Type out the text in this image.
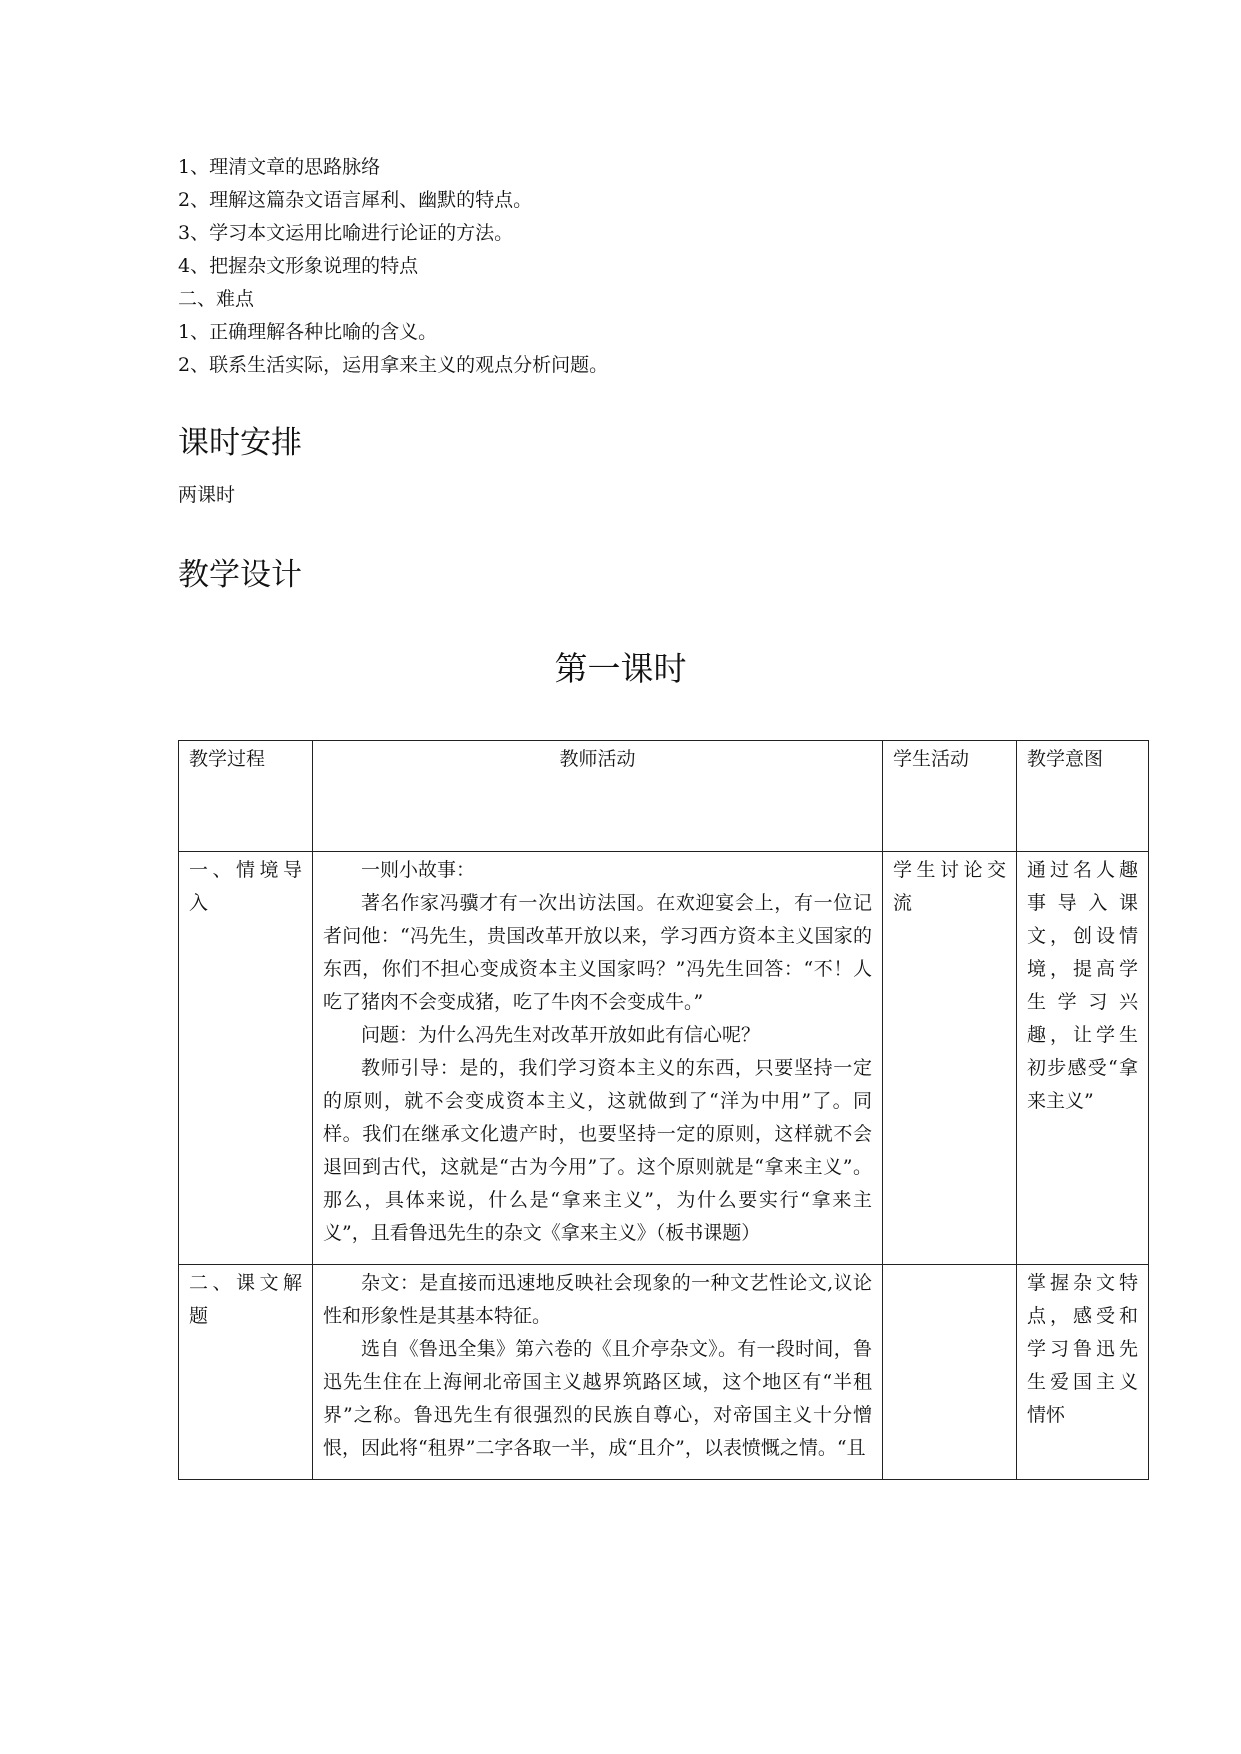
1、理清文章的思路脉络
2、理解这篇杂文语言犀利、幽默的特点。
3、学习本文运用比喻进行论证的方法。
4、把握杂文形象说理的特点
二、难点
1、正确理解各种比喻的含义。
2、联系生活实际，运用拿来主义的观点分析问题。
课时安排
两课时
教学设计
第一课时
教学过程	教师活动	学生活动	教学意图
一、情境导入	一则小故事：

著名作家冯骥才有一次出访法国。在欢迎宴会上，有一位记者问他：“冯先生，贵国改革开放以来，学习西方资本主义国家的东西，你们不担心变成资本主义国家吗？”冯先生回答：“不！人吃了猪肉不会变成猪，吃了牛肉不会变成牛。”

问题：为什么冯先生对改革开放如此有信心呢？

教师引导：是的，我们学习资本主义的东西，只要坚持一定的原则，就不会变成资本主义，这就做到了“洋为中用”了。同样。我们在继承文化遗产时，也要坚持一定的原则，这样就不会退回到古代，这就是“古为今用”了。这个原则就是“拿来主义”。那么，具体来说，什么是“拿来主义”，为什么要实行“拿来主义”，且看鲁迅先生的杂文《拿来主义》（板书课题）	学生讨论交流	通过名人趣事导入课文，创设情境，提高学生学习兴趣，让学生初步感受“拿来主义”
二、课文解题	杂文：是直接而迅速地反映社会现象的一种文艺性论文,议论性和形象性是其基本特征。

选自《鲁迅全集》第六卷的《且介亭杂文》。有一段时间，鲁迅先生住在上海闸北帝国主义越界筑路区域，这个地区有“半租界”之称。鲁迅先生有很强烈的民族自尊心，对帝国主义十分憎恨，因此将“租界”二字各取一半，成“且介”，以表愤慨之情。“且		掌握杂文特点，感受和学习鲁迅先生爱国主义情怀
